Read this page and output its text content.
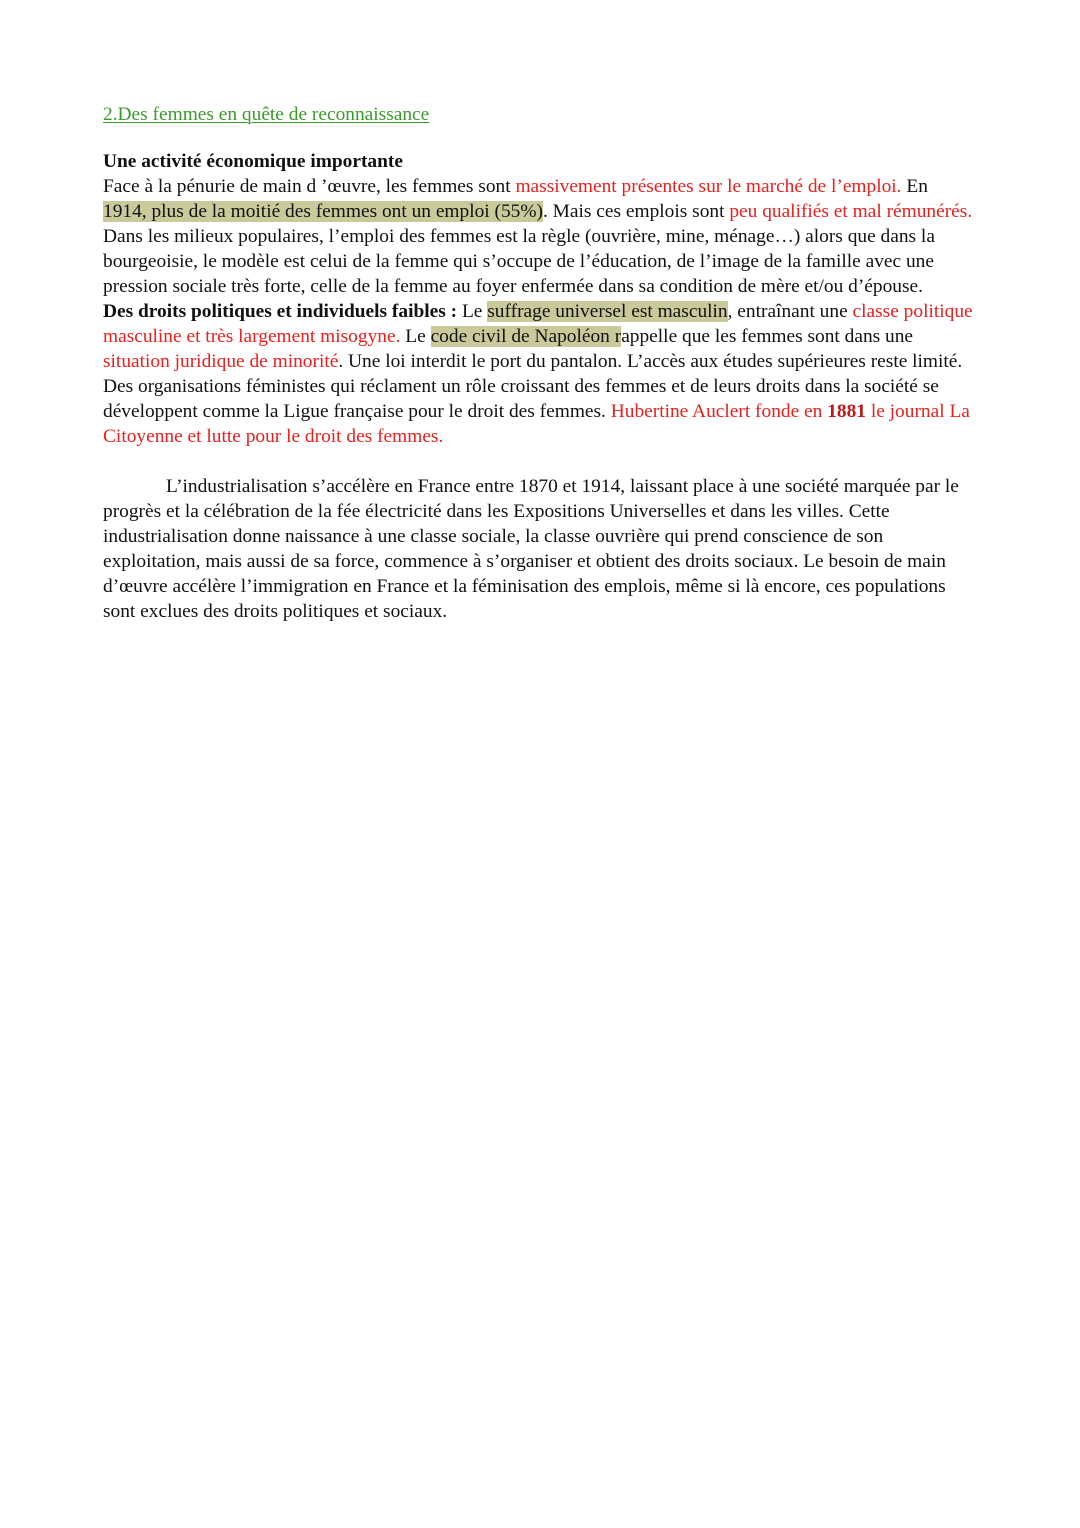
2.Des femmes en quête de reconnaissance

Une activité économique importante
Face à la pénurie de main d ’œuvre, les femmes sont massivement présentes sur le marché de l’emploi. En 1914, plus de la moitié des femmes ont un emploi (55%). Mais ces emplois sont peu qualifiés et mal rémunérés. Dans les milieux populaires, l’emploi des femmes est la règle (ouvrière, mine, ménage…) alors que dans la bourgeoisie, le modèle est celui de la femme qui s’occupe de l’éducation, de l’image de la famille avec une pression sociale très forte, celle de la femme au foyer enfermée dans sa condition de mère et/ou d’épouse.

Des droits politiques et individuels faibles : Le suffrage universel est masculin, entraînant une classe politique masculine et très largement misogyne. Le code civil de Napoléon rappelle que les femmes sont dans une situation juridique de minorité. Une loi interdit le port du pantalon. L’accès aux études supérieures reste limité. Des organisations féministes qui réclament un rôle croissant des femmes et de leurs droits dans la société se développent comme la Ligue française pour le droit des femmes. Hubertine Auclert fonde en 1881 le journal La Citoyenne et lutte pour le droit des femmes.

L’industrialisation s’accélère en France entre 1870 et 1914, laissant place à une société marquée par le progrès et la célébration de la fée électricité dans les Expositions Universelles et dans les villes. Cette industrialisation donne naissance à une classe sociale, la classe ouvrière qui prend conscience de son exploitation, mais aussi de sa force, commence à s’organiser et obtient des droits sociaux. Le besoin de main d’œuvre accélère l’immigration en France et la féminisation des emplois, même si là encore, ces populations sont exclues des droits politiques et sociaux.
